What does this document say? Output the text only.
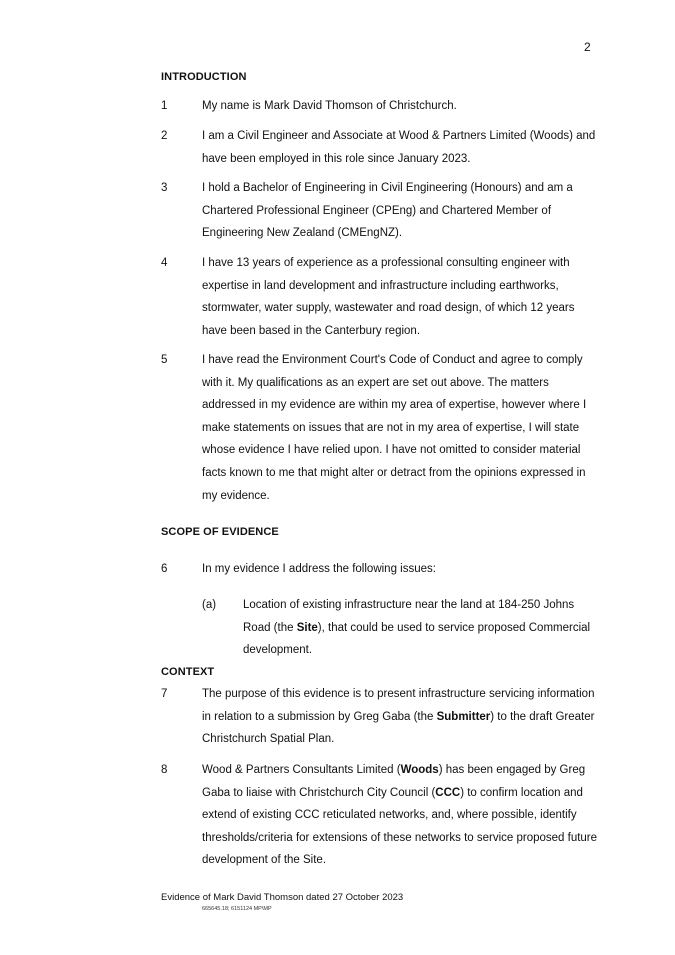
2
INTRODUCTION
1	My name is Mark David Thomson of Christchurch.
2	I am a Civil Engineer and Associate at Wood & Partners Limited (Woods) and have been employed in this role since January 2023.
3	I hold a Bachelor of Engineering in Civil Engineering (Honours) and am a Chartered Professional Engineer (CPEng) and Chartered Member of Engineering New Zealand (CMEngNZ).
4	I have 13 years of experience as a professional consulting engineer with expertise in land development and infrastructure including earthworks, stormwater, water supply, wastewater and road design, of which 12 years have been based in the Canterbury region.
5	I have read the Environment Court's Code of Conduct and agree to comply with it. My qualifications as an expert are set out above. The matters addressed in my evidence are within my area of expertise, however where I make statements on issues that are not in my area of expertise, I will state whose evidence I have relied upon. I have not omitted to consider material facts known to me that might alter or detract from the opinions expressed in my evidence.
SCOPE OF EVIDENCE
6	In my evidence I address the following issues:
(a) Location of existing infrastructure near the land at 184-250 Johns Road (the Site), that could be used to service proposed Commercial development.
CONTEXT
7	The purpose of this evidence is to present infrastructure servicing information in relation to a submission by Greg Gaba (the Submitter) to the draft Greater Christchurch Spatial Plan.
8	Wood & Partners Consultants Limited (Woods) has been engaged by Greg Gaba to liaise with Christchurch City Council (CCC) to confirm location and extend of existing CCC reticulated networks, and, where possible, identify thresholds/criteria for extensions of these networks to service proposed future development of the Site.
Evidence of Mark David Thomson dated 27 October 2023
665645.18; 6151124 MP\MP
